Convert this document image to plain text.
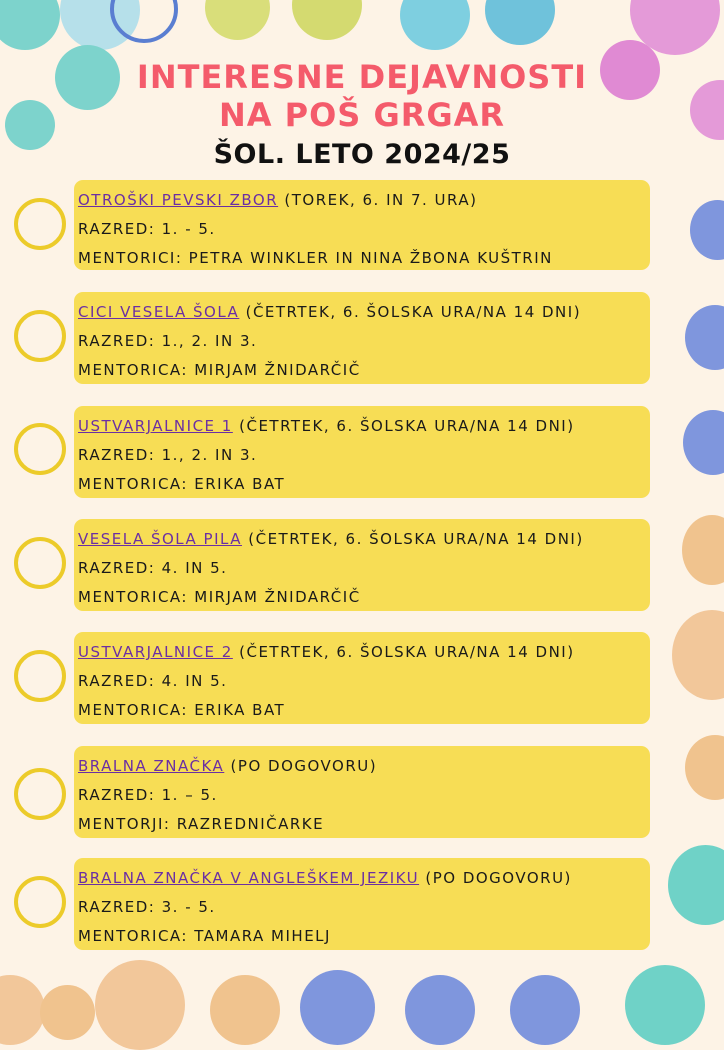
INTERESNE DEJAVNOSTI
NA POŠ GRGAR
ŠOL. LETO 2024/25
OTROŠKI PEVSKI ZBOR (TOREK, 6. IN 7. URA)
RAZRED: 1. - 5.
MENTORICI: PETRA WINKLER IN NINA ŽBONA KUŠTRIN
CICI VESELA ŠOLA (ČETRTEK, 6. ŠOLSKA URA/NA 14 DNI)
RAZRED: 1., 2. IN 3.
MENTORICA: MIRJAM ŽNIDARČIČ
USTVARJALNICE 1 (ČETRTEK, 6. ŠOLSKA URA/NA 14 DNI)
RAZRED: 1., 2. IN 3.
MENTORICA: ERIKA BAT
VESELA ŠOLA PILA (ČETRTEK, 6. ŠOLSKA URA/NA 14 DNI)
RAZRED: 4. IN 5.
MENTORICA: MIRJAM ŽNIDARČIČ
USTVARJALNICE 2 (ČETRTEK, 6. ŠOLSKA URA/NA 14 DNI)
RAZRED: 4. IN 5.
MENTORICA: ERIKA BAT
BRALNA ZNAČKA (PO DOGOVORU)
RAZRED: 1. – 5.
MENTORJI: RAZREDNIČARKE
BRALNA ZNAČKA V ANGLEŠKEM JEZIKU (PO DOGOVORU)
RAZRED: 3. - 5.
MENTORICA: TAMARA MIHELJ
